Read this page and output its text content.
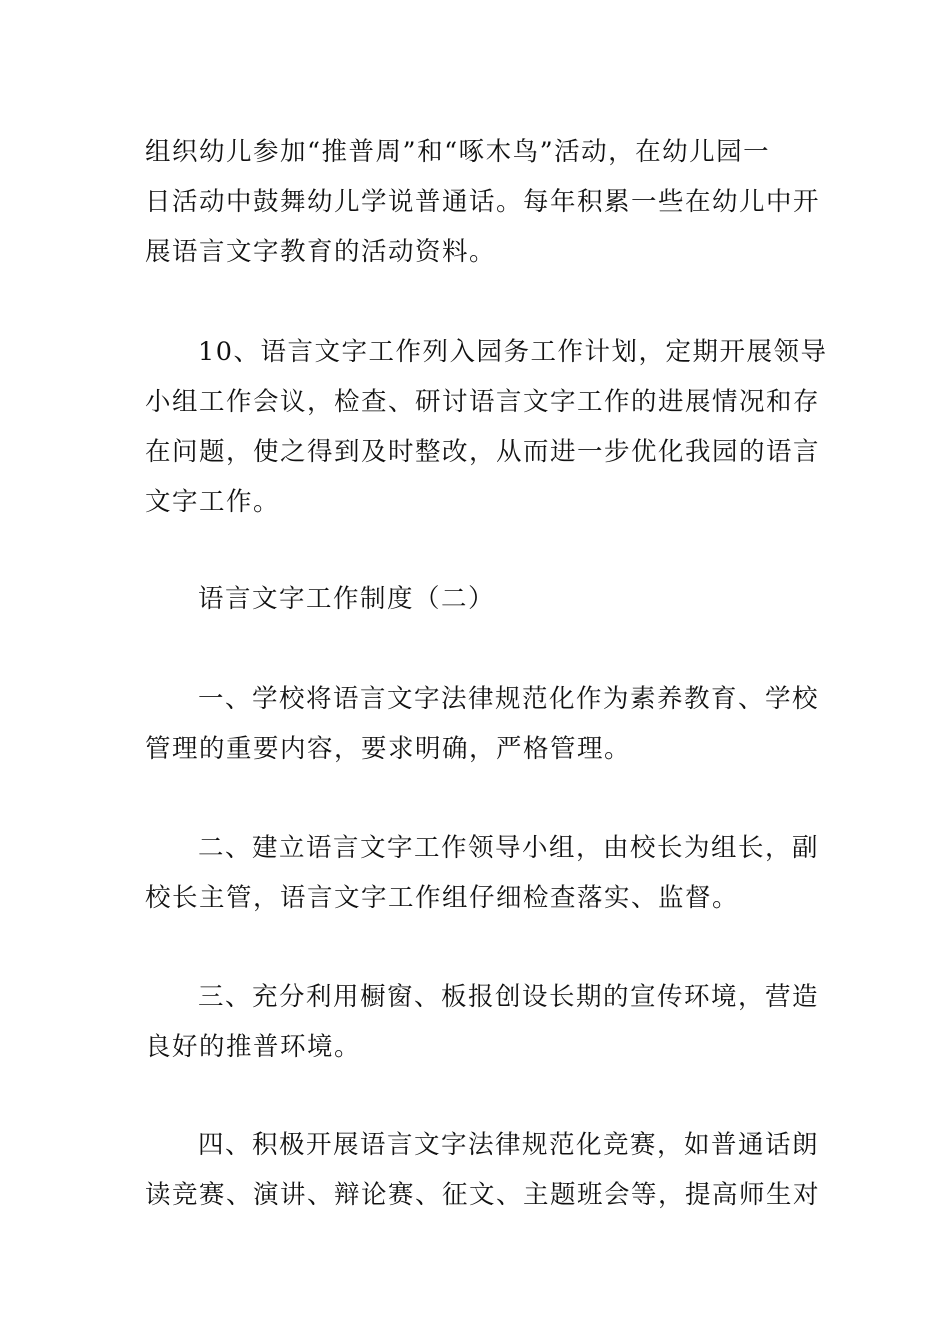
组织幼儿参加“推普周”和“啄木鸟”活动，在幼儿园一
日活动中鼓舞幼儿学说普通话。每年积累一些在幼儿中开
展语言文字教育的活动资料。
10、语言文字工作列入园务工作计划，定期开展领导
小组工作会议，检查、研讨语言文字工作的进展情况和存
在问题，使之得到及时整改，从而进一步优化我园的语言
文字工作。
语言文字工作制度（二）
一、学校将语言文字法律规范化作为素养教育、学校
管理的重要内容，要求明确，严格管理。
二、建立语言文字工作领导小组，由校长为组长，副
校长主管，语言文字工作组仔细检查落实、监督。
三、充分利用橱窗、板报创设长期的宣传环境，营造
良好的推普环境。
四、积极开展语言文字法律规范化竞赛，如普通话朗
读竞赛、演讲、辩论赛、征文、主题班会等，提高师生对
